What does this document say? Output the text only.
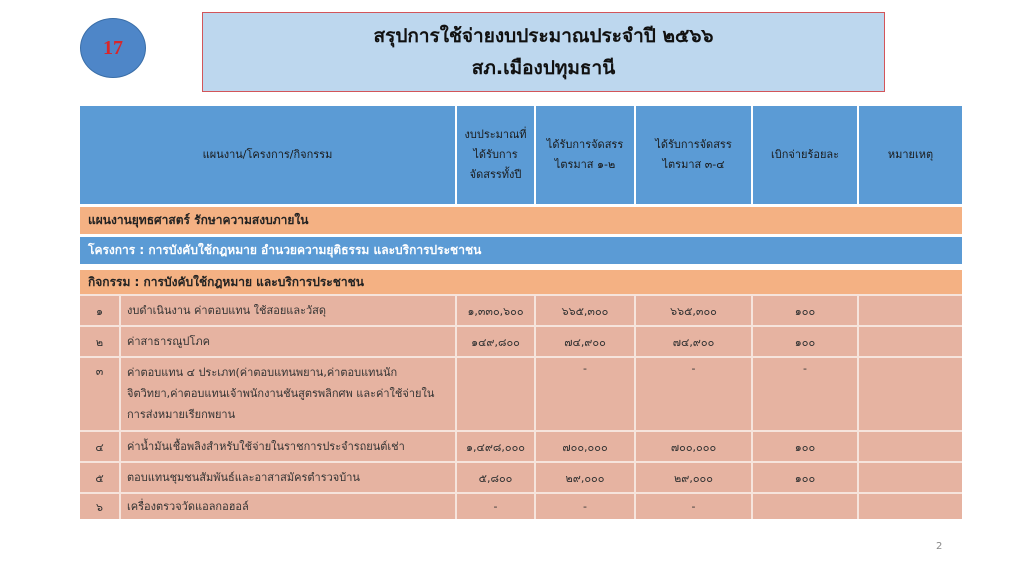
17
สรุปการใช้จ่ายงบประมาณประจำปี ๒๕๖๖
สภ.เมืองปทุมธานี
แผนงาน/โครงการ/กิจกรรม		งบประมาณที่ได้รับการจัดสรรทั้งปี	ได้รับการจัดสรรไตรมาส ๑-๒	ได้รับการจัดสรรไตรมาส ๓-๔	เบิกจ่ายร้อยละ	หมายเหตุ

แผนงานยุทธศาสตร์ รักษาความสงบภายใน						

โครงการ : การบังคับใช้กฎหมาย อำนวยความยุติธรรม และบริการประชาชน						

กิจกรรม : การบังคับใช้กฎหมาย และบริการประชาชน						
๑	งบดำเนินงาน ค่าตอบแทน ใช้สอยและวัสดุ	๑,๓๓๐,๖๐๐	๖๖๕,๓๐๐	๖๖๕,๓๐๐	๑๐๐	
๒	ค่าสาธารณูปโภค	๑๔๙,๘๐๐	๗๔,๙๐๐	๗๔,๙๐๐	๑๐๐	
๓	ค่าตอบแทน ๔ ประเภท(ค่าตอบแทนพยาน,ค่าตอบแทนนักจิตวิทยา,ค่าตอบแทนเจ้าพนักงานชันสูตรพลิกศพ และค่าใช้จ่ายในการส่งหมายเรียกพยาน		-	-	-	
๔	ค่าน้ำมันเชื้อพลิงสำหรับใช้จ่ายในราชการประจำรถยนต์เช่า	๑,๔๙๘,๐๐๐	๗๐๐,๐๐๐	๗๐๐,๐๐๐	๑๐๐	
๕	ตอบแทนชุมชนสัมพันธ์และอาสาสมัครตำรวจบ้าน	๕,๘๐๐	๒๙,๐๐๐	๒๙,๐๐๐	๑๐๐	
๖	เครื่องตรวจวัดแอลกอฮอล์	-	-	-		
2
